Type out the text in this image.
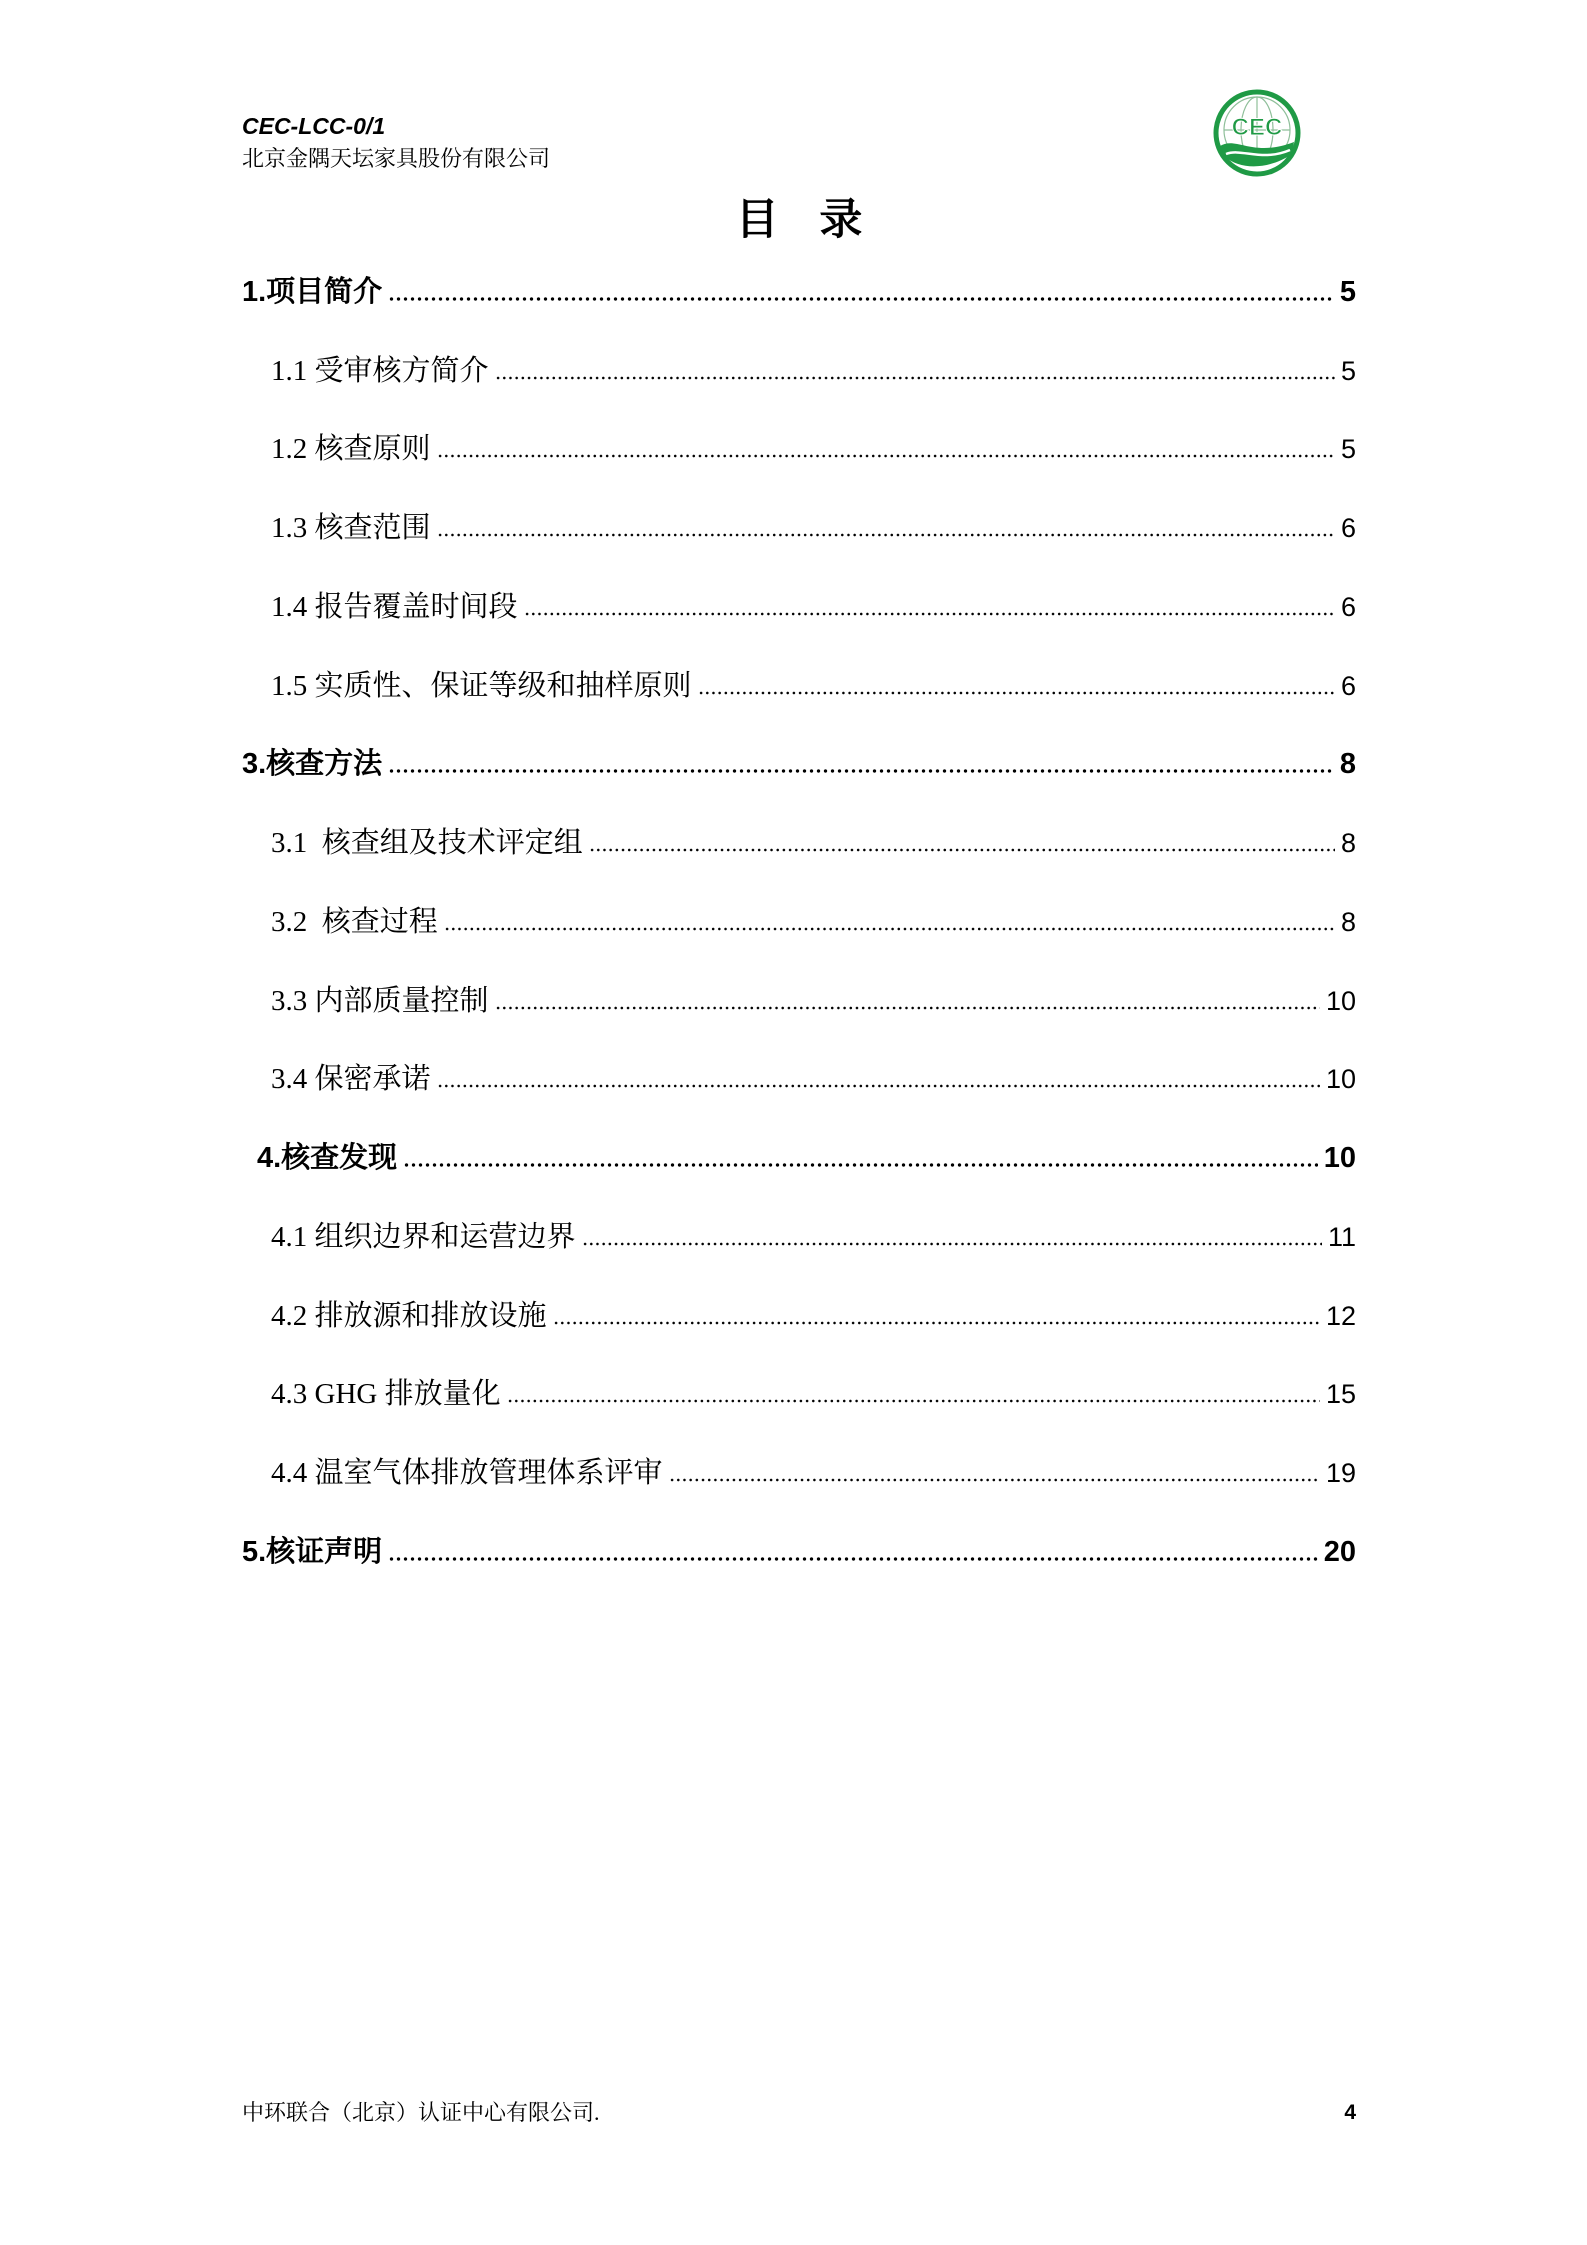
CEC-LCC-0/1
北京金隅天坛家具股份有限公司
CEC
目 录
1.项目简介	5
1.1 受审核方简介	5
1.2 核查原则	5
1.3 核查范围	6
1.4 报告覆盖时间段	6
1.5 实质性、保证等级和抽样原则	6
3.核查方法	8
3.1  核查组及技术评定组	8
3.2  核查过程	8
3.3 内部质量控制	10
3.4 保密承诺	10
4.核查发现	10
4.1 组织边界和运营边界	11
4.2 排放源和排放设施	12
4.3 GHG 排放量化	15
4.4 温室气体排放管理体系评审	19
5.核证声明	20
中环联合（北京）认证中心有限公司.	4
